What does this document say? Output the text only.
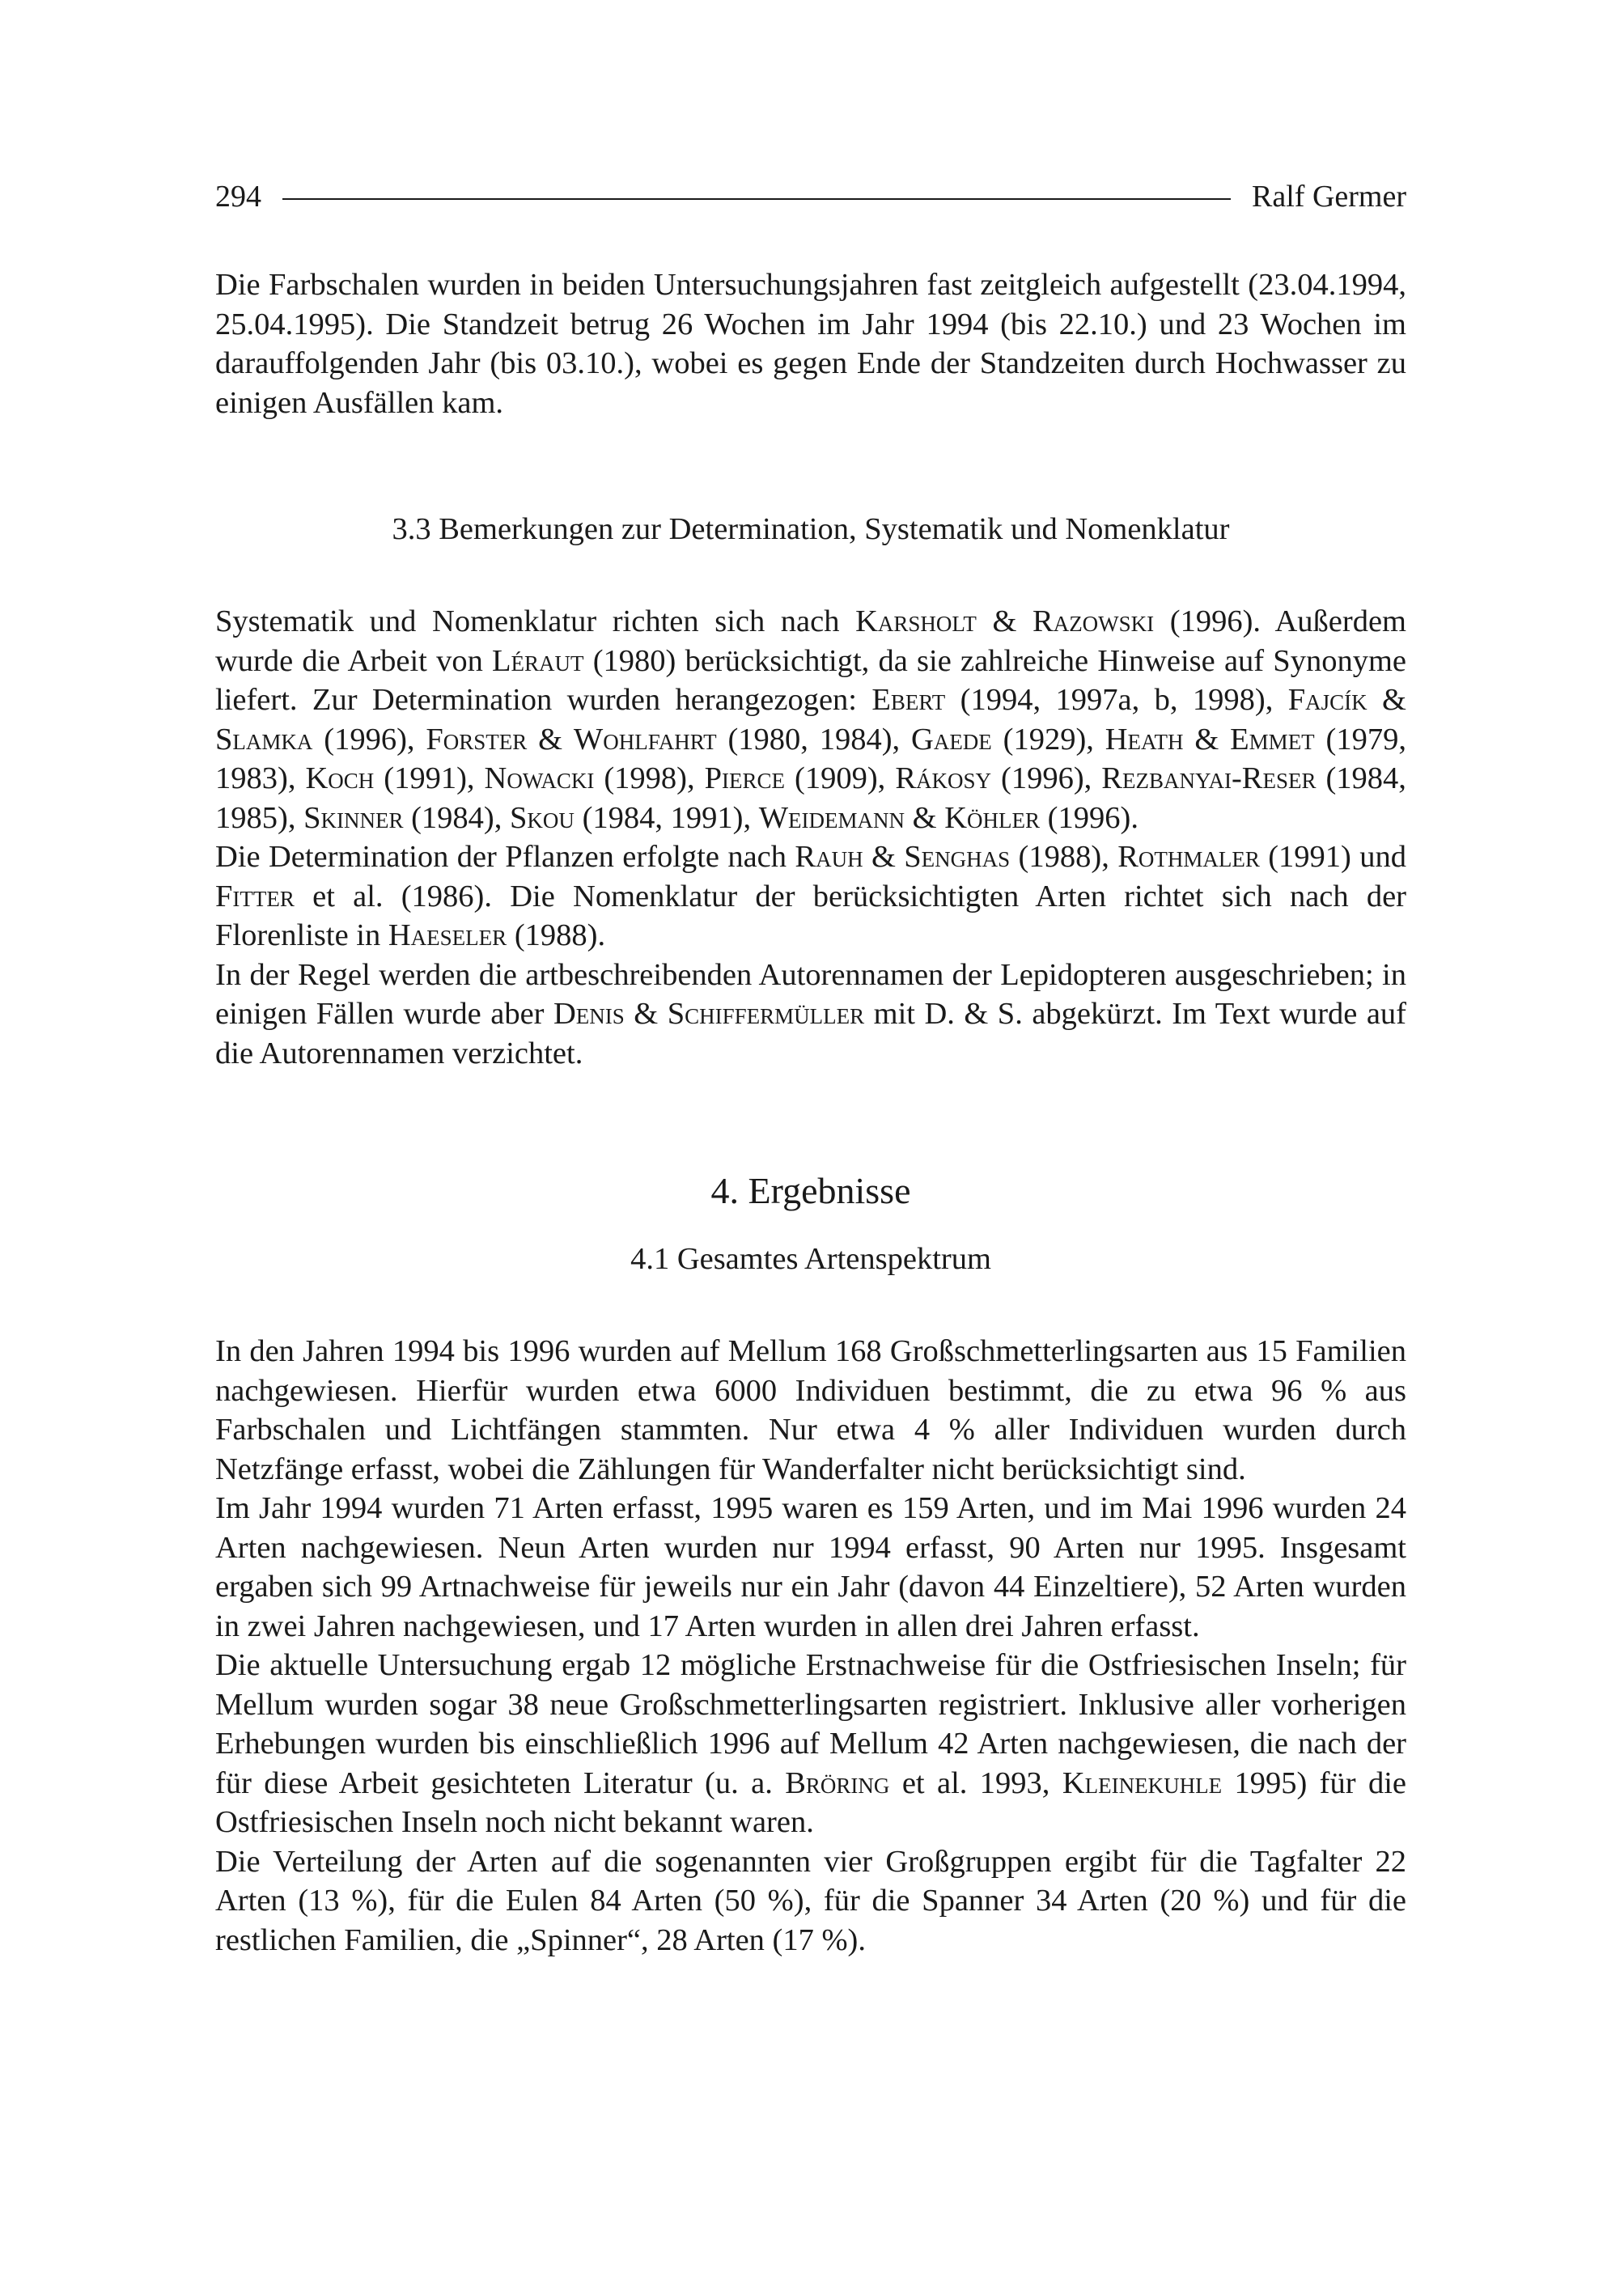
294	Ralf Germer

Die Farbschalen wurden in beiden Untersuchungsjahren fast zeitgleich aufgestellt (23.04.1994, 25.04.1995). Die Standzeit betrug 26 Wochen im Jahr 1994 (bis 22.10.) und 23 Wochen im darauffolgenden Jahr (bis 03.10.), wobei es gegen Ende der Standzeiten durch Hochwasser zu einigen Ausfällen kam.

3.3 Bemerkungen zur Determination, Systematik und Nomenklatur

Systematik und Nomenklatur richten sich nach Karsholt & Razowski (1996). Außerdem wurde die Arbeit von Léraut (1980) berücksichtigt, da sie zahlreiche Hinweise auf Synonyme liefert. Zur Determination wurden herangezogen: Ebert (1994, 1997a, b, 1998), Fajcík & Slamka (1996), Forster & Wohlfahrt (1980, 1984), Gaede (1929), Heath & Emmet (1979, 1983), Koch (1991), Nowacki (1998), Pierce (1909), Rákosy (1996), Rezbanyai-Reser (1984, 1985), Skinner (1984), Skou (1984, 1991), Weidemann & Köhler (1996).

Die Determination der Pflanzen erfolgte nach Rauh & Senghas (1988), Rothmaler (1991) und Fitter et al. (1986). Die Nomenklatur der berücksichtigten Arten richtet sich nach der Florenliste in Haeseler (1988).

In der Regel werden die artbeschreibenden Autorennamen der Lepidopteren ausgeschrieben; in einigen Fällen wurde aber Denis & Schiffermüller mit D. & S. abgekürzt. Im Text wurde auf die Autorennamen verzichtet.

4. Ergebnisse
4.1 Gesamtes Artenspektrum

In den Jahren 1994 bis 1996 wurden auf Mellum 168 Großschmetterlingsarten aus 15 Familien nachgewiesen. Hierfür wurden etwa 6000 Individuen bestimmt, die zu etwa 96 % aus Farbschalen und Lichtfängen stammten. Nur etwa 4 % aller Individuen wurden durch Netzfänge erfasst, wobei die Zählungen für Wanderfalter nicht berücksichtigt sind.

Im Jahr 1994 wurden 71 Arten erfasst, 1995 waren es 159 Arten, und im Mai 1996 wurden 24 Arten nachgewiesen. Neun Arten wurden nur 1994 erfasst, 90 Arten nur 1995. Insgesamt ergaben sich 99 Artnachweise für jeweils nur ein Jahr (davon 44 Einzeltiere), 52 Arten wurden in zwei Jahren nachgewiesen, und 17 Arten wurden in allen drei Jahren erfasst.

Die aktuelle Untersuchung ergab 12 mögliche Erstnachweise für die Ostfriesischen Inseln; für Mellum wurden sogar 38 neue Großschmetterlingsarten registriert. Inklusive aller vorherigen Erhebungen wurden bis einschließlich 1996 auf Mellum 42 Arten nachgewiesen, die nach der für diese Arbeit gesichteten Literatur (u. a. Bröring et al. 1993, Kleinekuhle 1995) für die Ostfriesischen Inseln noch nicht bekannt waren.

Die Verteilung der Arten auf die sogenannten vier Großgruppen ergibt für die Tagfalter 22 Arten (13 %), für die Eulen 84 Arten (50 %), für die Spanner 34 Arten (20 %) und für die restlichen Familien, die „Spinner“, 28 Arten (17 %).
